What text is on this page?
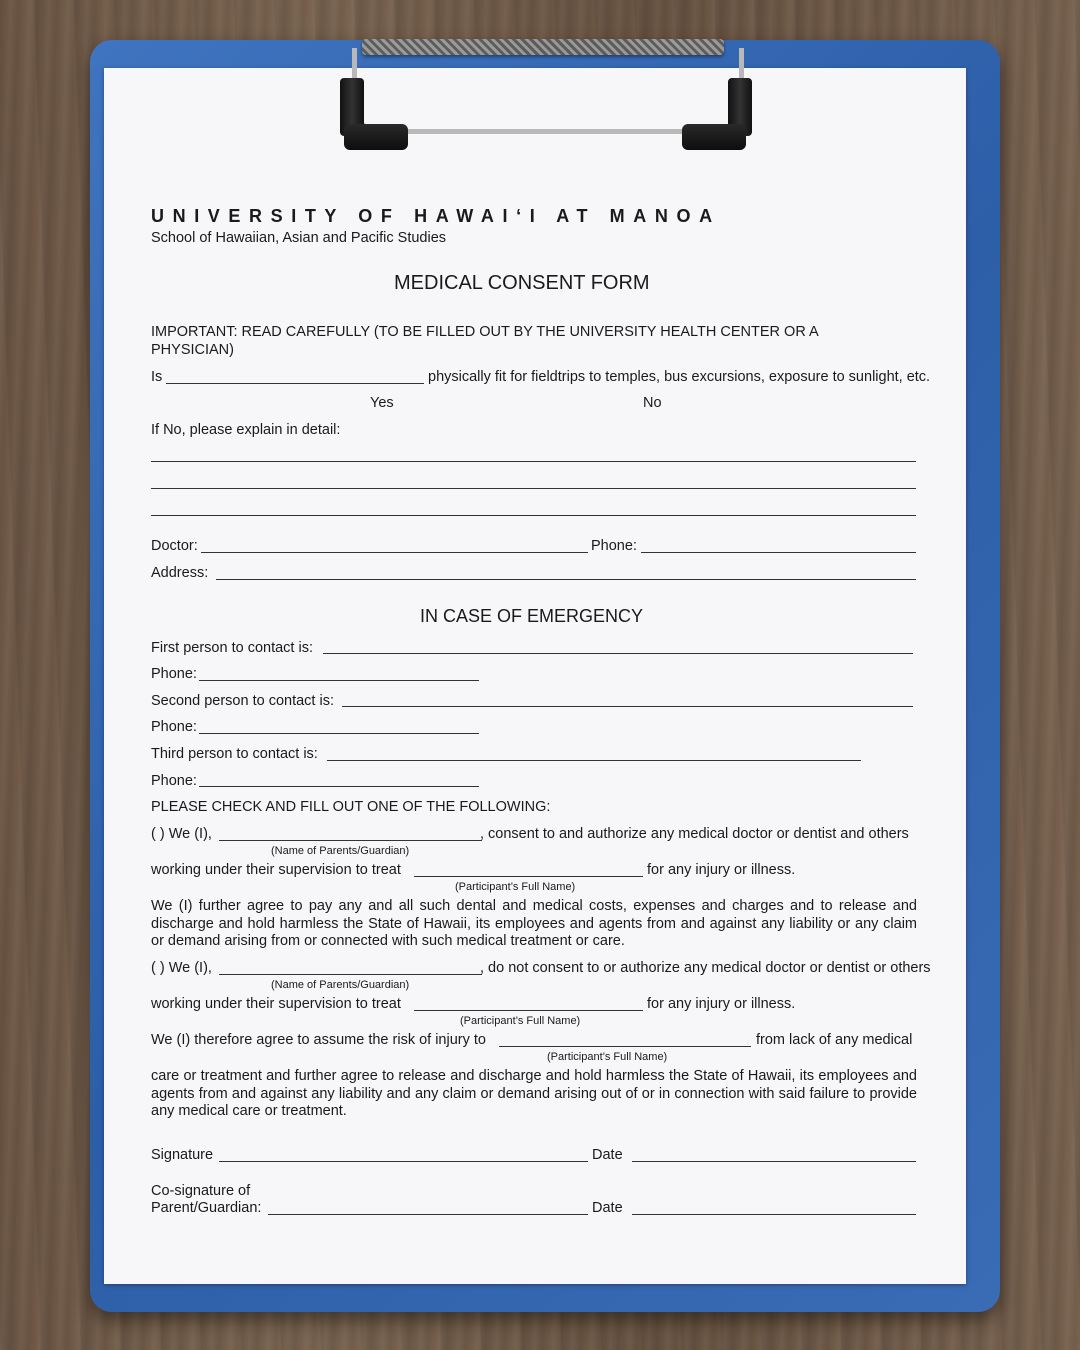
UNIVERSITY OF HAWAI‘I AT MANOA
School of Hawaiian, Asian and Pacific Studies
MEDICAL CONSENT FORM
IMPORTANT: READ CAREFULLY (TO BE FILLED OUT BY THE UNIVERSITY HEALTH CENTER OR A
PHYSICIAN)
Is	physically fit for fieldtrips to temples, bus excursions, exposure to sunlight, etc.
Yes	No
If No, please explain in detail:
Doctor:	Phone:
Address:
IN CASE OF EMERGENCY
First person to contact is:
Phone:
Second person to contact is:
Phone:
Third person to contact is:
Phone:
PLEASE CHECK AND FILL OUT ONE OF THE FOLLOWING:
( ) We (I),	, consent to and authorize any medical doctor or dentist and others
(Name of Parents/Guardian)
working under their supervision to treat	for any injury or illness.
(Participant’s Full Name)
We (I) further agree to pay any and all such dental and medical costs, expenses and charges and to release and discharge and hold harmless the State of Hawaii, its employees and agents from and against any liability or any claim or demand arising from or connected with such medical treatment or care.
( ) We (I),	, do not consent to or authorize any medical doctor or dentist or others
(Name of Parents/Guardian)
working under their supervision to treat	for any injury or illness.
(Participant’s Full Name)
We (I) therefore agree to assume the risk of injury to	from lack of any medical
(Participant’s Full Name)
care or treatment and further agree to release and discharge and hold harmless the State of Hawaii, its employees and agents from and against any liability and any claim or demand arising out of or in connection with said failure to provide any medical care or treatment.
Signature	Date
Co-signature of
Parent/Guardian:	Date
